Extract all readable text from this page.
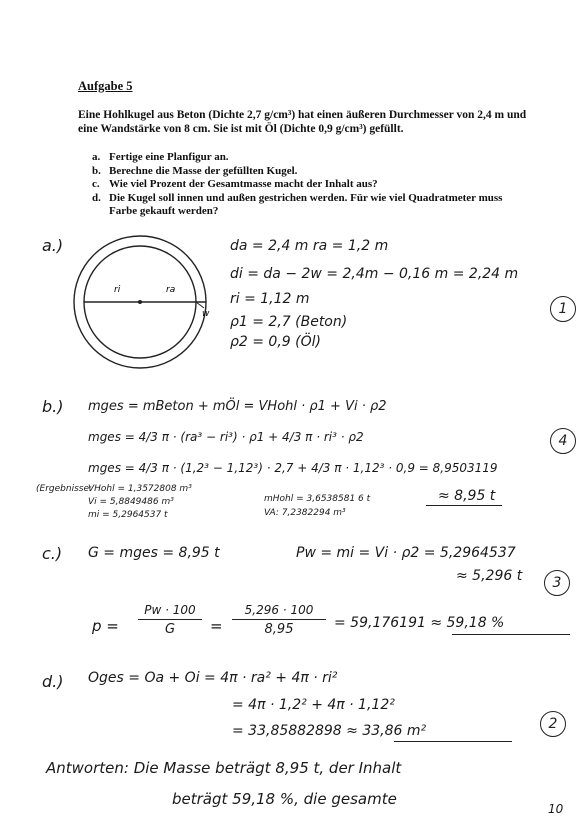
Aufgabe 5
Eine Hohlkugel aus Beton (Dichte 2,7 g/cm³) hat einen äußeren Durchmesser von 2,4 m und eine Wandstärke von 8 cm. Sie ist mit Öl (Dichte 0,9 g/cm³) gefüllt.
a. Fertige eine Planfigur an.
b. Berechne die Masse der gefüllten Kugel.
c. Wie viel Prozent der Gesamtmasse macht der Inhalt aus?
d. Die Kugel soll innen und außen gestrichen werden. Für wie viel Quadratmeter muss Farbe gekauft werden?
a.)
ri	ra
w
da = 2,4 m ra = 1,2 m
di = da − 2w = 2,4m − 0,16 m = 2,24 m
ri = 1,12 m
ρ1 = 2,7 (Beton)
ρ2 = 0,9 (Öl)
1
b.) mges = mBeton + mÖl = VHohl · ρ1 + Vi · ρ2
mges = 4/3 π · (ra³ − ri³) · ρ1 + 4/3 π · ri³ · ρ2
mges = 4/3 π · (1,2³ − 1,12³) · 2,7 + 4/3 π · 1,12³ · 0,9 = 8,9503119
4
(Ergebnisse:
VHohl = 1,3572808 m³
Vi = 5,8849486 m³
mi = 5,2964537 t
mHohl = 3,6538581 6 t
VA: 7,2382294 m³
≈ 8,95 t
c.) G = mges = 8,95 t	Pw = mi = Vi · ρ2 = 5,2964537
≈ 5,296 t	3
$p = \frac{Pw \cdot 100}{G} = \frac{5,296 \cdot 100}{8,95} = 59,176191 \approx 59,18$ %
d.) Oges = Oa + Oi = 4π · ra² + 4π · ri²
= 4π · 1,2² + 4π · 1,12²
= 33,85882898 ≈ 33,86 m²	2
Antworten: Die Masse beträgt 8,95 t, der Inhalt
beträgt 59,18 %, die gesamte
10
